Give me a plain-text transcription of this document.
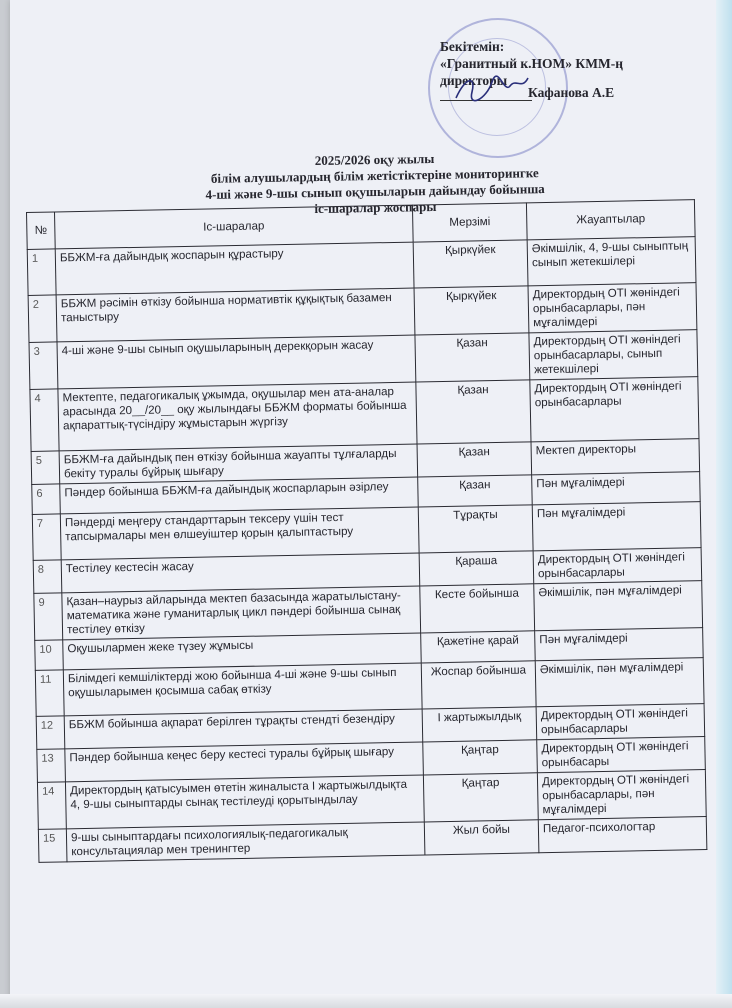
Бекітемін:
«Гранитный к.НОМ» КММ-ң
директоры
Кафанова А.Е
2025/2026 оқу жылы
білім алушылардың білім жетістіктеріне мониторингке
4-ші және 9-шы сынып оқушыларын дайындау бойынша
іс-шаралар жоспары
№	Іс-шаралар	Мерзімі	Жауаптылар
1	ББЖМ-ға дайындық жоспарын құрастыру	Қыркүйек	Әкімшілік, 4, 9-шы сыныптың сынып жетекшілері
2	ББЖМ рәсімін өткізу бойынша нормативтік құқықтық базамен таныстыру	Қыркүйек	Директордың ОТІ жөніндегі орынбасарлары, пән мұғалімдері
3	4-ші және 9-шы сынып оқушыларының дерекқорын жасау	Қазан	Директордың ОТІ жөніндегі орынбасарлары, сынып жетекшілері
4	Мектепте, педагогикалық ұжымда, оқушылар мен ата-аналар арасында 20__/20__ оқу жылындағы ББЖМ форматы бойынша ақпараттық-түсіндіру жұмыстарын жүргізу	Қазан	Директордың ОТІ жөніндегі орынбасарлары
5	ББЖМ-ға дайындық пен өткізу бойынша жауапты тұлғаларды бекіту туралы бұйрық шығару	Қазан	Мектеп директоры
6	Пәндер бойынша ББЖМ-ға дайындық жоспарларын әзірлеу	Қазан	Пән мұғалімдері
7	Пәндерді меңгеру стандарттарын тексеру үшін тест тапсырмалары мен өлшеуіштер қорын қалыптастыру	Тұрақты	Пән мұғалімдері
8	Тестілеу кестесін жасау	Қараша	Директордың ОТІ жөніндегі орынбасарлары
9	Қазан–наурыз айларында мектеп базасында жаратылыстану-математика және гуманитарлық цикл пәндері бойынша сынақ тестілеу өткізу	Кесте бойынша	Әкімшілік, пән мұғалімдері
10	Оқушылармен жеке түзеу жұмысы	Қажетіне қарай	Пән мұғалімдері
11	Білімдегі кемшіліктерді жою бойынша 4-ші және 9-шы сынып оқушыларымен қосымша сабақ өткізу	Жоспар бойынша	Әкімшілік, пән мұғалімдері
12	ББЖМ бойынша ақпарат берілген тұрақты стендті безендіру	I жартыжылдық	Директордың ОТІ жөніндегі орынбасарлары
13	Пәндер бойынша кеңес беру кестесі туралы бұйрық шығару	Қаңтар	Директордың ОТІ жөніндегі орынбасары
14	Директордың қатысуымен өтетін жиналыста I жартыжылдықта 4, 9-шы сыныптарды сынақ тестілеуді қорытындылау	Қаңтар	Директордың ОТІ жөніндегі орынбасарлары, пән мұғалімдері
15	9-шы сыныптардағы психологиялық-педагогикалық консультациялар мен тренингтер	Жыл бойы	Педагог-психологтар
